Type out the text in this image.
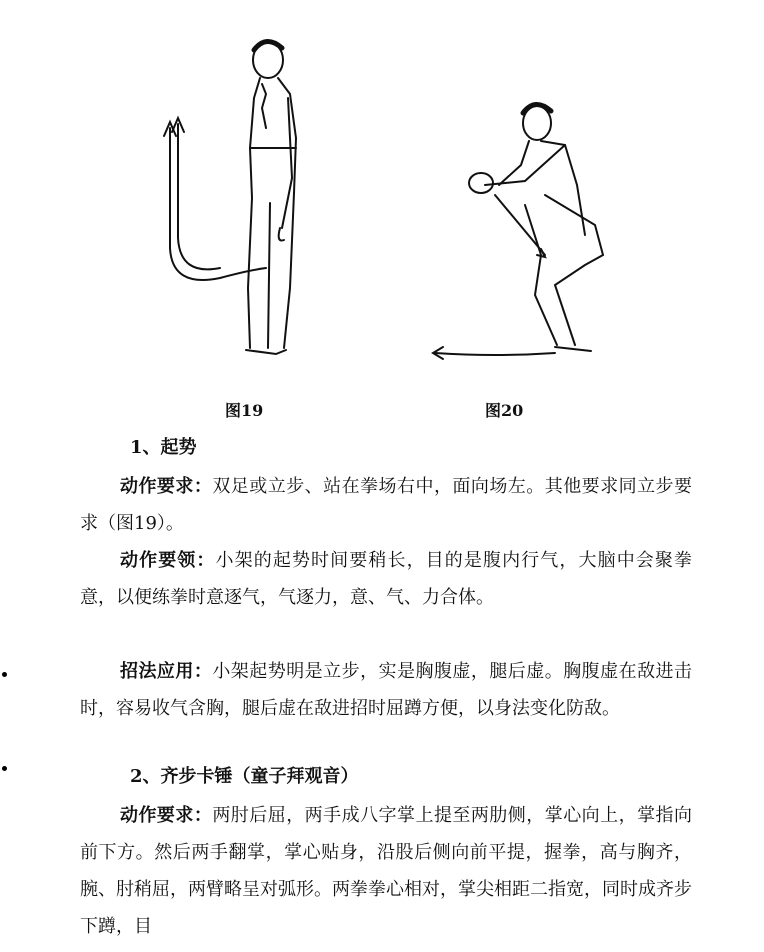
图19	图20
1、起势
动作要求：双足或立步、站在拳场右中，面向场左。其他要求同立步要求（图19）。
动作要领：小架的起势时间要稍长，目的是腹内行气，大脑中会聚拳意，以便练拳时意逐气，气逐力，意、气、力合体。
招法应用：小架起势明是立步，实是胸腹虚，腿后虚。胸腹虚在敌进击时，容易收气含胸，腿后虚在敌进招时屈蹲方便，以身法变化防敌。
2、齐步卡锤（童子拜观音）
动作要求：两肘后屈，两手成八字掌上提至两肋侧，掌心向上，掌指向前下方。然后两手翻掌，掌心贴身，沿股后侧向前平提，握拳，高与胸齐，腕、肘稍屈，两臂略呈对弧形。两拳拳心相对，掌尖相距二指宽，同时成齐步下蹲，目
